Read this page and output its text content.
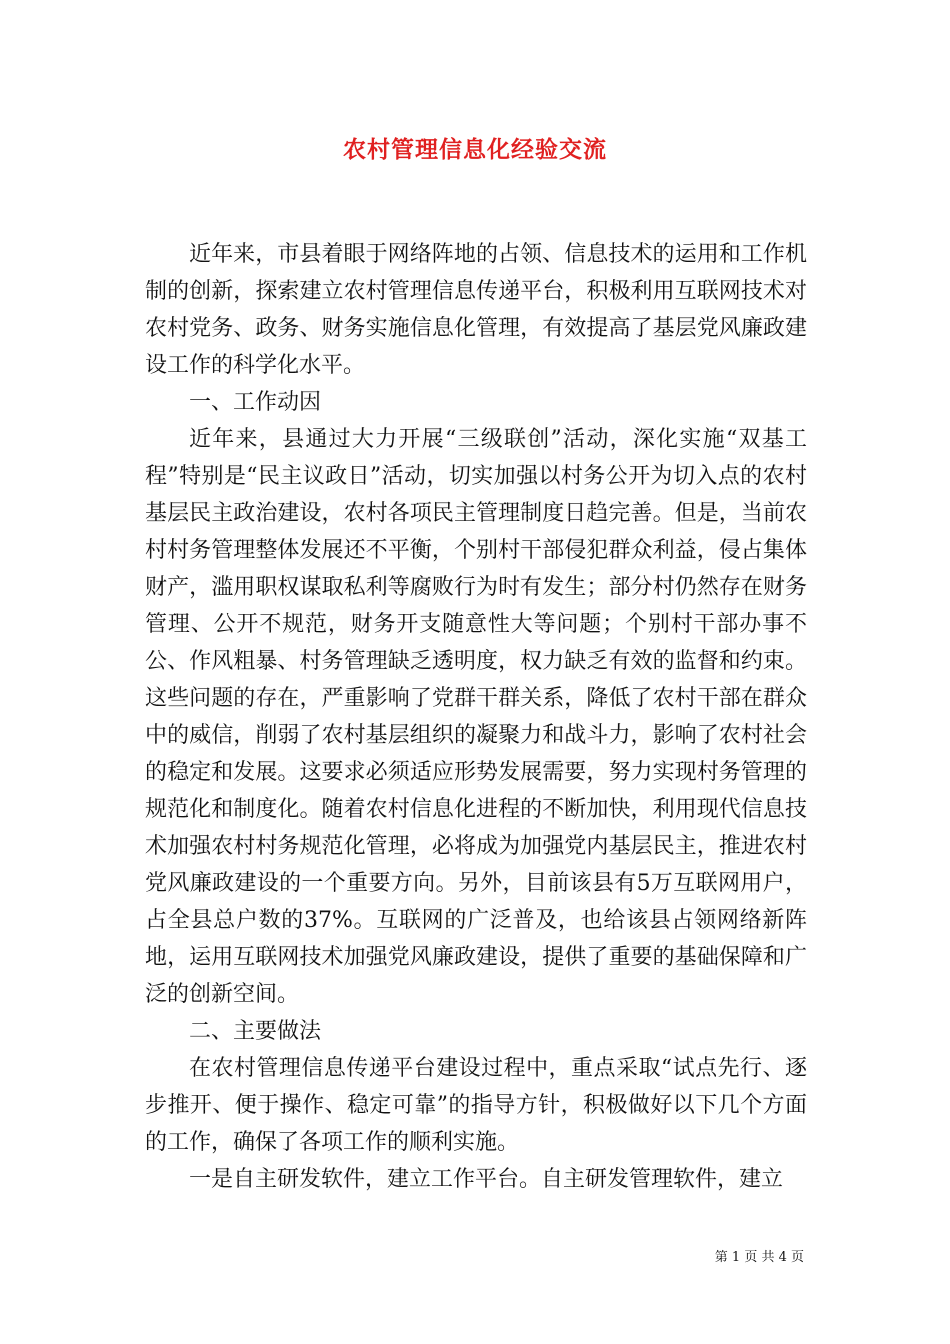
农村管理信息化经验交流

近年来，市县着眼于网络阵地的占领、信息技术的运用和工作机制的创新，探索建立农村管理信息传递平台，积极利用互联网技术对农村党务、政务、财务实施信息化管理，有效提高了基层党风廉政建设工作的科学化水平。

一、工作动因

近年来，县通过大力开展“三级联创”活动，深化实施“双基工程”特别是“民主议政日”活动，切实加强以村务公开为切入点的农村基层民主政治建设，农村各项民主管理制度日趋完善。但是，当前农村村务管理整体发展还不平衡，个别村干部侵犯群众利益，侵占集体财产，滥用职权谋取私利等腐败行为时有发生；部分村仍然存在财务管理、公开不规范，财务开支随意性大等问题；个别村干部办事不公、作风粗暴、村务管理缺乏透明度，权力缺乏有效的监督和约束。这些问题的存在，严重影响了党群干群关系，降低了农村干部在群众中的威信，削弱了农村基层组织的凝聚力和战斗力，影响了农村社会的稳定和发展。这要求必须适应形势发展需要，努力实现村务管理的规范化和制度化。随着农村信息化进程的不断加快，利用现代信息技术加强农村村务规范化管理，必将成为加强党内基层民主，推进农村党风廉政建设的一个重要方向。另外，目前该县有5万互联网用户，占全县总户数的37%。互联网的广泛普及，也给该县占领网络新阵地，运用互联网技术加强党风廉政建设，提供了重要的基础保障和广泛的创新空间。

二、主要做法

在农村管理信息传递平台建设过程中，重点采取“试点先行、逐步推开、便于操作、稳定可靠”的指导方针，积极做好以下几个方面的工作，确保了各项工作的顺利实施。

一是自主研发软件，建立工作平台。自主研发管理软件，建立

第 1 页 共 4 页
